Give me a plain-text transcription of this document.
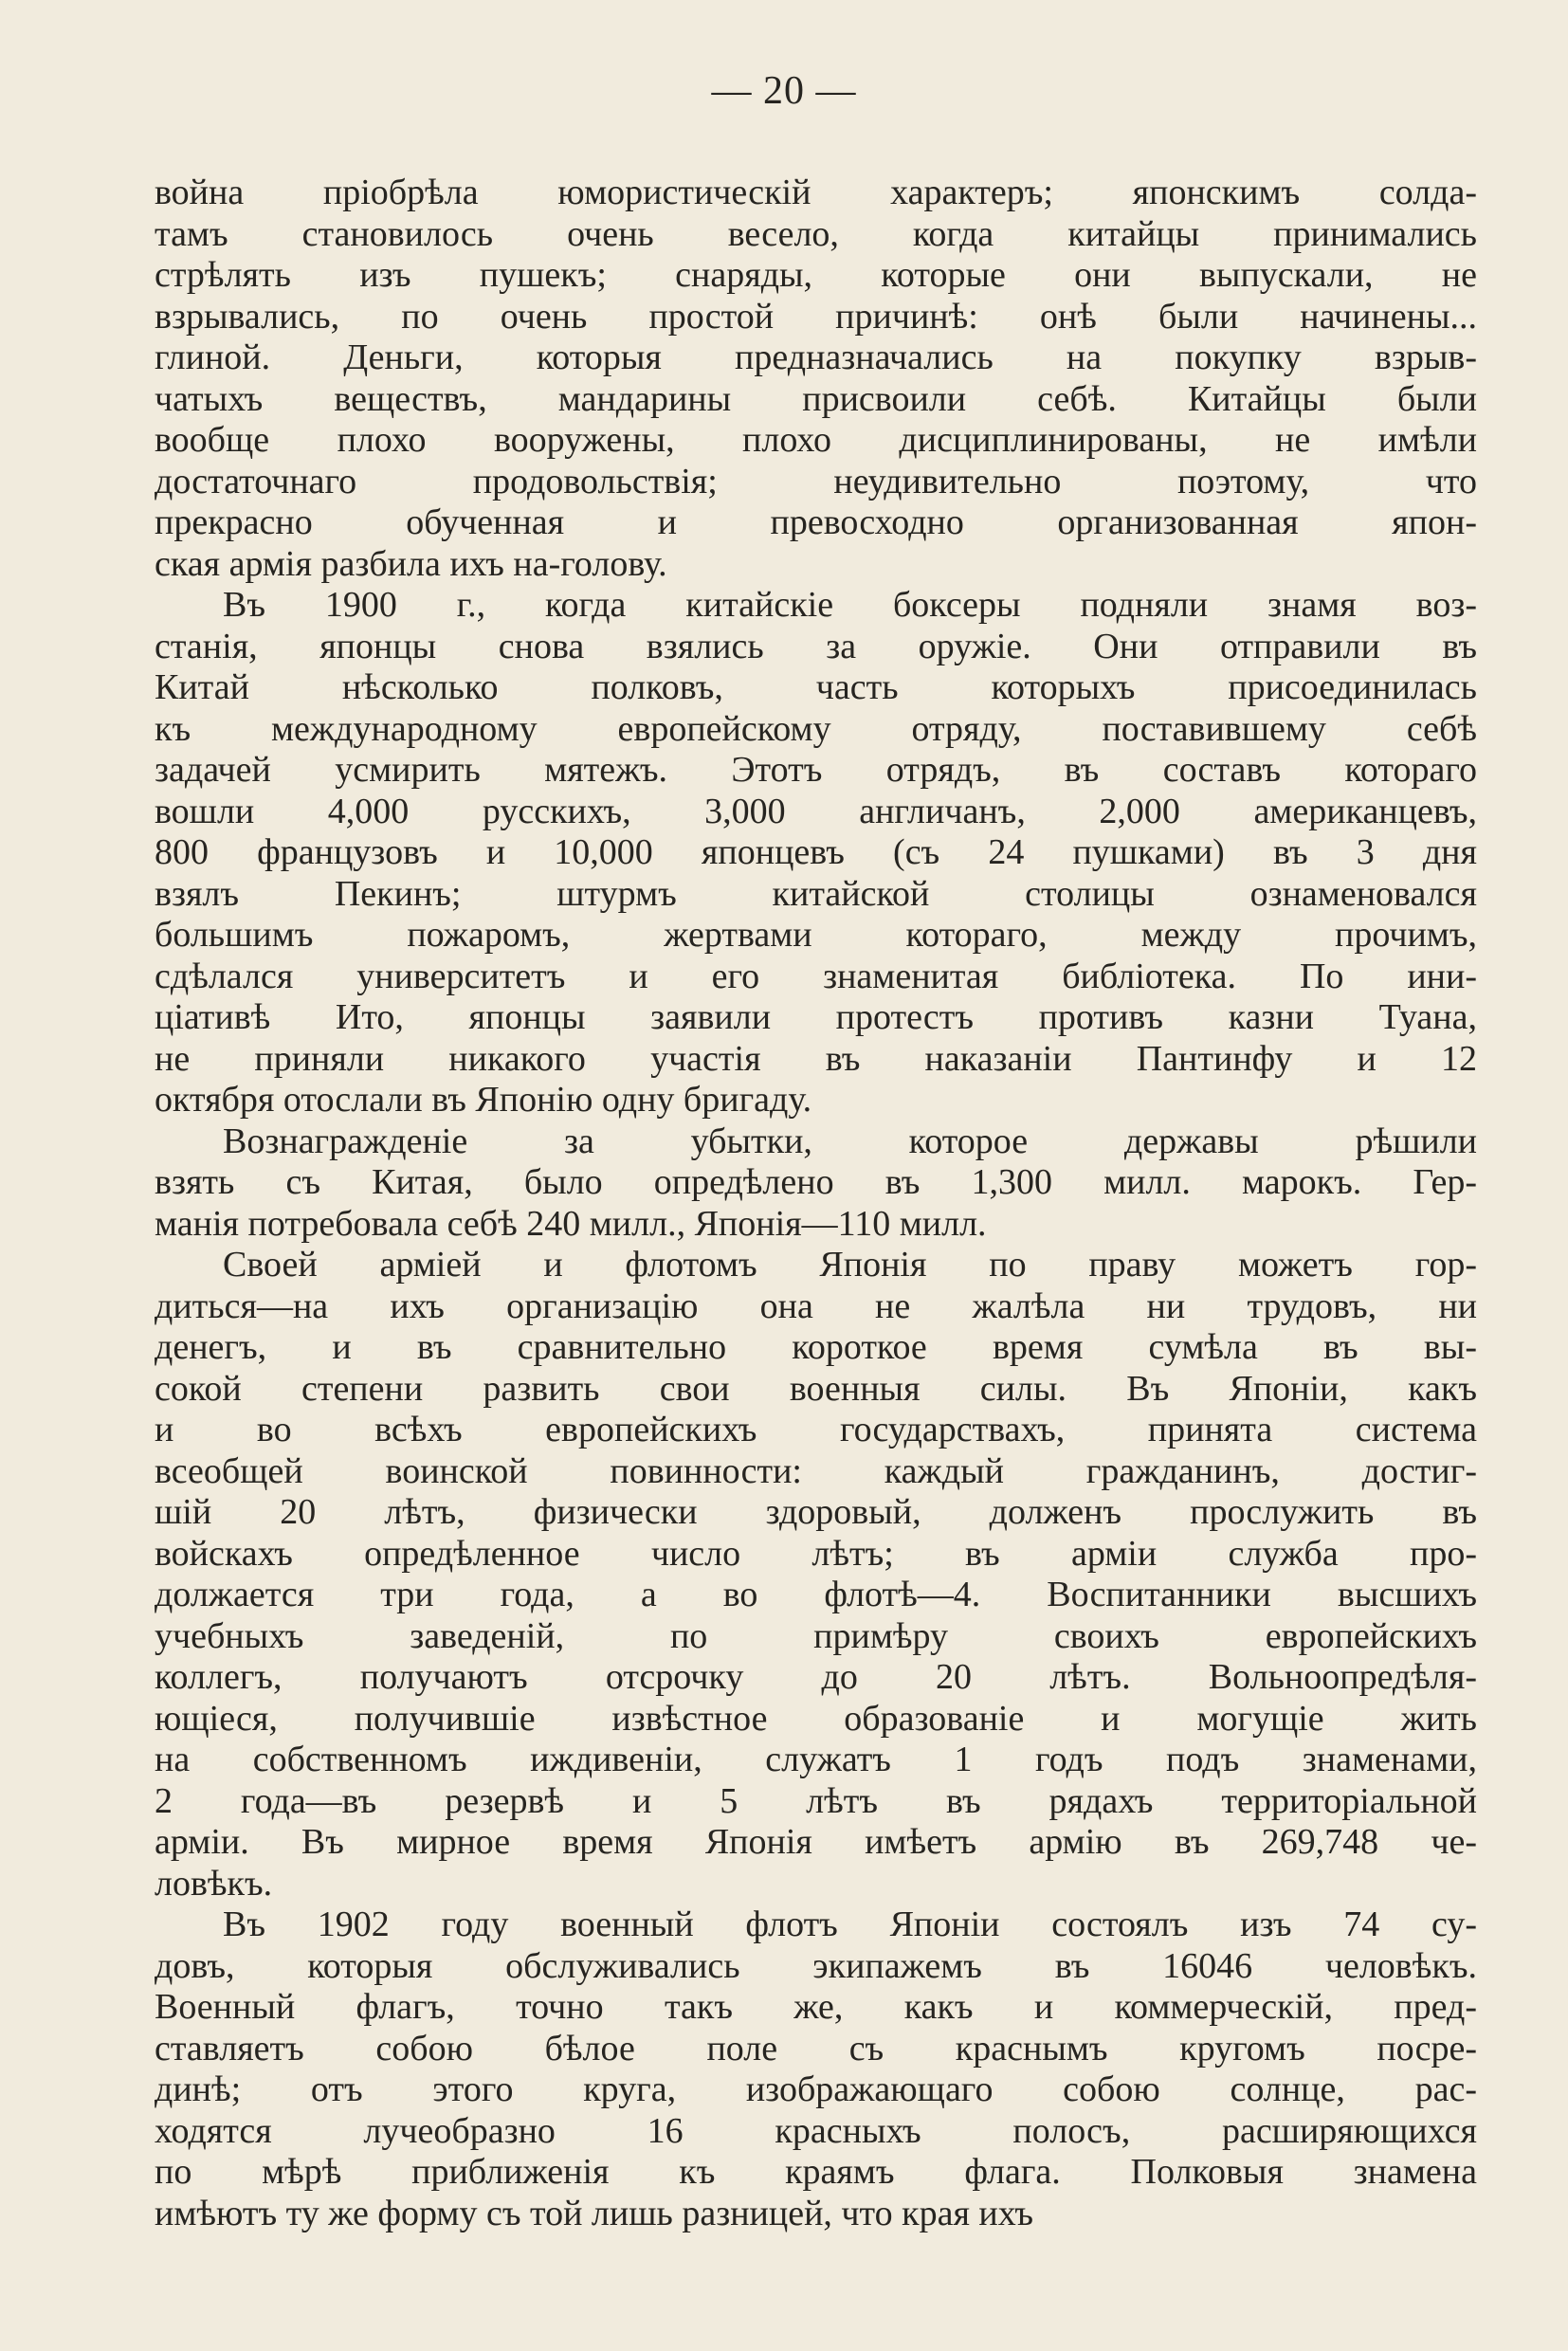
— 20 —
война пріобрѣла юмористическій характеръ; японскимъ солда-
тамъ становилось очень весело, когда китайцы принимались
стрѣлять изъ пушекъ; снаряды, которые они выпускали, не
взрывались, по очень простой причинѣ: онѣ были начинены...
глиной. Деньги, которыя предназначались на покупку взрыв-
чатыхъ веществъ, мандарины присвоили себѣ. Китайцы были
вообще плохо вооружены, плохо дисциплинированы, не имѣли
достаточнаго продовольствія; неудивительно поэтому, что
прекрасно обученная и превосходно организованная япон-
ская армія разбила ихъ на-голову.
Въ 1900 г., когда китайскіе боксеры подняли знамя воз-
станія, японцы снова взялись за оружіе. Они отправили въ
Китай нѣсколько полковъ, часть которыхъ присоединилась
къ международному европейскому отряду, поставившему себѣ
задачей усмирить мятежъ. Этотъ отрядъ, въ составъ котораго
вошли 4,000 русскихъ, 3,000 англичанъ, 2,000 американцевъ,
800 французовъ и 10,000 японцевъ (съ 24 пушками) въ 3 дня
взялъ Пекинъ; штурмъ китайской столицы ознаменовался
большимъ пожаромъ, жертвами котораго, между прочимъ,
сдѣлался университетъ и его знаменитая библіотека. По ини-
ціативѣ Ито, японцы заявили протестъ противъ казни Туана,
не приняли никакого участія въ наказаніи Пантинфу и 12
октября отослали въ Японію одну бригаду.
Вознагражденіе за убытки, которое державы рѣшили
взять съ Китая, было опредѣлено въ 1,300 милл. марокъ. Гер-
манія потребовала себѣ 240 милл., Японія—110 милл.
Своей арміей и флотомъ Японія по праву можетъ гор-
диться—на ихъ организацію она не жалѣла ни трудовъ, ни
денегъ, и въ сравнительно короткое время сумѣла въ вы-
сокой степени развить свои военныя силы. Въ Японіи, какъ
и во всѣхъ европейскихъ государствахъ, принята система
всеобщей воинской повинности: каждый гражданинъ, достиг-
шій 20 лѣтъ, физически здоровый, долженъ прослужить въ
войскахъ опредѣленное число лѣтъ; въ арміи служба про-
должается три года, а во флотѣ—4. Воспитанники высшихъ
учебныхъ заведеній, по примѣру своихъ европейскихъ
коллегъ, получаютъ отсрочку до 20 лѣтъ. Вольноопредѣля-
ющіеся, получившіе извѣстное образованіе и могущіе жить
на собственномъ иждивеніи, служатъ 1 годъ подъ знаменами,
2 года—въ резервѣ и 5 лѣтъ въ рядахъ территоріальной
арміи. Въ мирное время Японія имѣетъ армію въ 269,748 че-
ловѣкъ.
Въ 1902 году военный флотъ Японіи состоялъ изъ 74 су-
довъ, которыя обслуживались экипажемъ въ 16046 человѣкъ.
Военный флагъ, точно такъ же, какъ и коммерческій, пред-
ставляетъ собою бѣлое поле съ краснымъ кругомъ посре-
динѣ; отъ этого круга, изображающаго собою солнце, рас-
ходятся лучеобразно 16 красныхъ полосъ, расширяющихся
по мѣрѣ приближенія къ краямъ флага. Полковыя знамена
имѣютъ ту же форму съ той лишь разницей, что края ихъ
